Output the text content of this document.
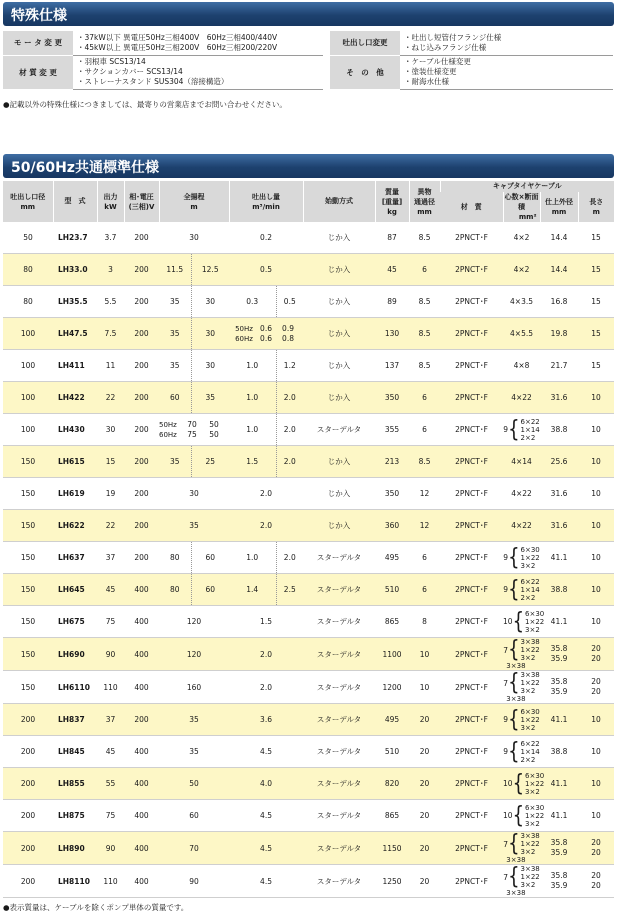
特殊仕様
モ ー タ 変 更	・37kW以下 異電圧50Hz三相400V　60Hz三相400/440V
・45kW以上 異電圧50Hz三相200V　60Hz三相200/220V

材 質 変 更	・羽根車 SCS13/14
・サクションカバー SCS13/14
・ストレーナスタンド SUS304（溶接構造）
吐出し口変更	・吐出し短管付フランジ仕様
・ねじ込みフランジ仕様

そ　の　他	・ケーブル仕様変更
・塗装仕様変更
・耐海水仕様
●記載以外の特殊仕様につきましては、最寄りの営業店までお問い合わせください。
50/60Hz共通標準仕様
吐出し口径
mm	型　式	出力
kW	相･電圧
(三相)V	全揚程
m		吐出し量
m³/min		始動方式	質量
[重量]
kg	異物
通過径
mm	キャブタイヤケーブル			
											材　質	心数×断面積
mm²	仕上外径
mm	長さ
m

50	LH23.7	3.7	200	30		0.2		じか入	87	8.5	2PNCT･F	4×2	14.4	15

80	LH33.0	3	200	11.5	12.5	0.5		じか入	45	6	2PNCT･F	4×2	14.4	15

80	LH35.5	5.5	200	35	30	0.3	0.5	じか入	89	8.5	2PNCT･F	4×3.5	16.8	15

100	LH47.5	7.5	200	35	30	50Hz 0.6 0.9
60Hz 0.6 0.8		じか入	130	8.5	2PNCT･F	4×5.5	19.8	15

100	LH411	11	200	35	30	1.0	1.2	じか入	137	8.5	2PNCT･F	4×8	21.7	15

100	LH422	22	200	60	35	1.0	2.0	じか入	350	6	2PNCT･F	4×22	31.6	10

100	LH430	30	200	50Hz 70 50
60Hz 75 50		1.0	2.0	スターデルタ	355	6	2PNCT･F	9{ 6×22
1×14
2×2	38.8	10

150	LH615	15	200	35	25	1.5	2.0	じか入	213	8.5	2PNCT･F	4×14	25.6	10

150	LH619	19	200	30		2.0		じか入	350	12	2PNCT･F	4×22	31.6	10

150	LH622	22	200	35		2.0		じか入	360	12	2PNCT･F	4×22	31.6	10

150	LH637	37	200	80	60	1.0	2.0	スターデルタ	495	6	2PNCT･F	9{ 6×30
1×22
3×2	41.1	10

150	LH645	45	400	80	60	1.4	2.5	スターデルタ	510	6	2PNCT･F	9{ 6×22
1×14
2×2	38.8	10

150	LH675	75	400	120		1.5		スターデルタ	865	8	2PNCT･F	10{ 6×30
1×22
3×2	41.1	10

150	LH690	90	400	120		2.0		スターデルタ	1100	10	2PNCT･F	7{ 3×38
1×22
3×2
3×38	35.8
35.9	20
20

150	LH6110	110	400	160		2.0		スターデルタ	1200	10	2PNCT･F	7{ 3×38
1×22
3×2
3×38	35.8
35.9	20
20

200	LH837	37	200	35		3.6		スターデルタ	495	20	2PNCT･F	9{ 6×30
1×22
3×2	41.1	10

200	LH845	45	400	35		4.5		スターデルタ	510	20	2PNCT･F	9{ 6×22
1×14
2×2	38.8	10

200	LH855	55	400	50		4.0		スターデルタ	820	20	2PNCT･F	10{ 6×30
1×22
3×2	41.1	10

200	LH875	75	400	60		4.5		スターデルタ	865	20	2PNCT･F	10{ 6×30
1×22
3×2	41.1	10

200	LH890	90	400	70		4.5		スターデルタ	1150	20	2PNCT･F	7{ 3×38
1×22
3×2
3×38	35.8
35.9	20
20

200	LH8110	110	400	90		4.5		スターデルタ	1250	20	2PNCT･F	7{ 3×38
1×22
3×2
3×38	35.8
35.9	20
20
●表示質量は、ケーブルを除くポンプ単体の質量です。
